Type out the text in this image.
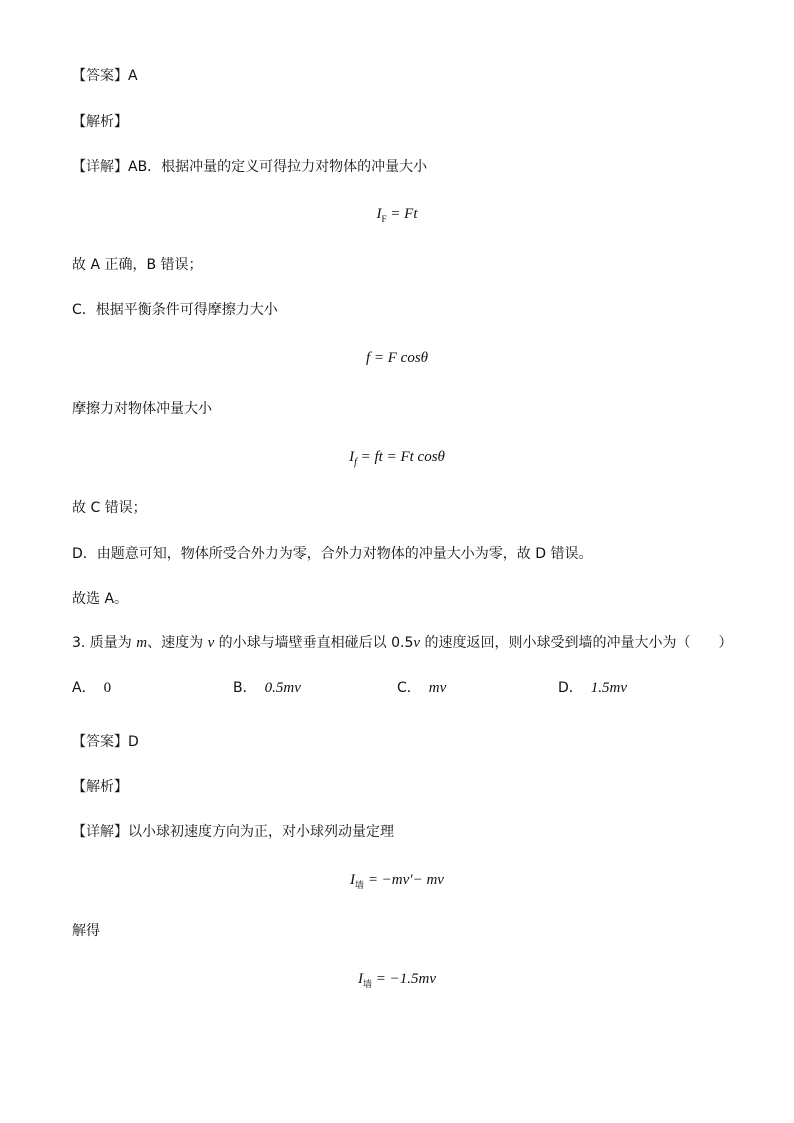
【答案】A
【解析】
【详解】AB．根据冲量的定义可得拉力对物体的冲量大小
$I_F = Ft$
故 A 正确，B 错误；
C．根据平衡条件可得摩擦力大小
f = F cosθ
摩擦力对物体冲量大小
$I_f$ = ft = Ft cosθ
故 C 错误；
D．由题意可知，物体所受合外力为零，合外力对物体的冲量大小为零，故 D 错误。
故选 A。
3. 质量为 m、速度为 v 的小球与墙壁垂直相碰后以 0.5v 的速度返回，则小球受到墙的冲量大小为（　　）
A． 0	B． 0.5mv	C． mv	D． 1.5mv
【答案】D
【解析】
【详解】以小球初速度方向为正，对小球列动量定理
$I_墙 = -mv'-$ mv
解得
$I_墙 = -1.5mv$
